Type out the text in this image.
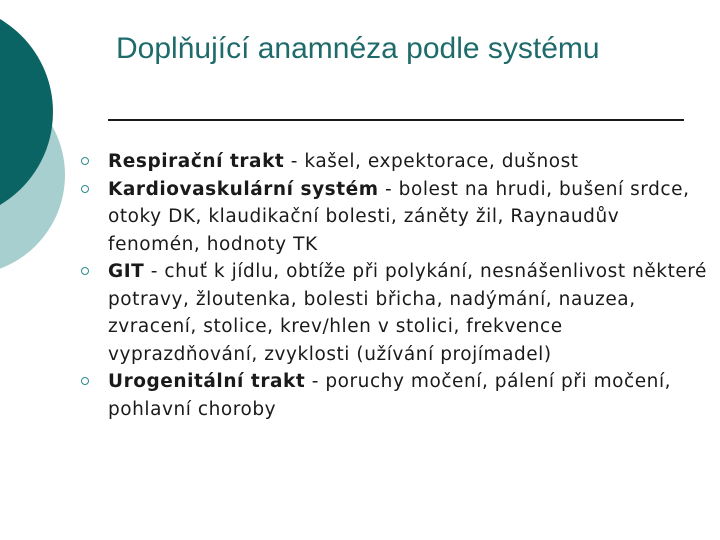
Doplňující anamnéza podle systému
Respirační trakt - kašel, expektorace, dušnost
Kardiovaskulární systém - bolest na hrudi, bušení srdce, otoky DK, klaudikační bolesti, záněty žil, Raynaudův fenomén, hodnoty TK
GIT - chuť k jídlu, obtíže při polykání, nesnášenlivost některé potravy, žloutenka, bolesti břicha, nadýmání, nauzea, zvracení, stolice, krev/hlen v stolici, frekvence vyprazdňování, zvyklosti (užívání projímadel)
Urogenitální trakt - poruchy močení, pálení při močení, pohlavní choroby
